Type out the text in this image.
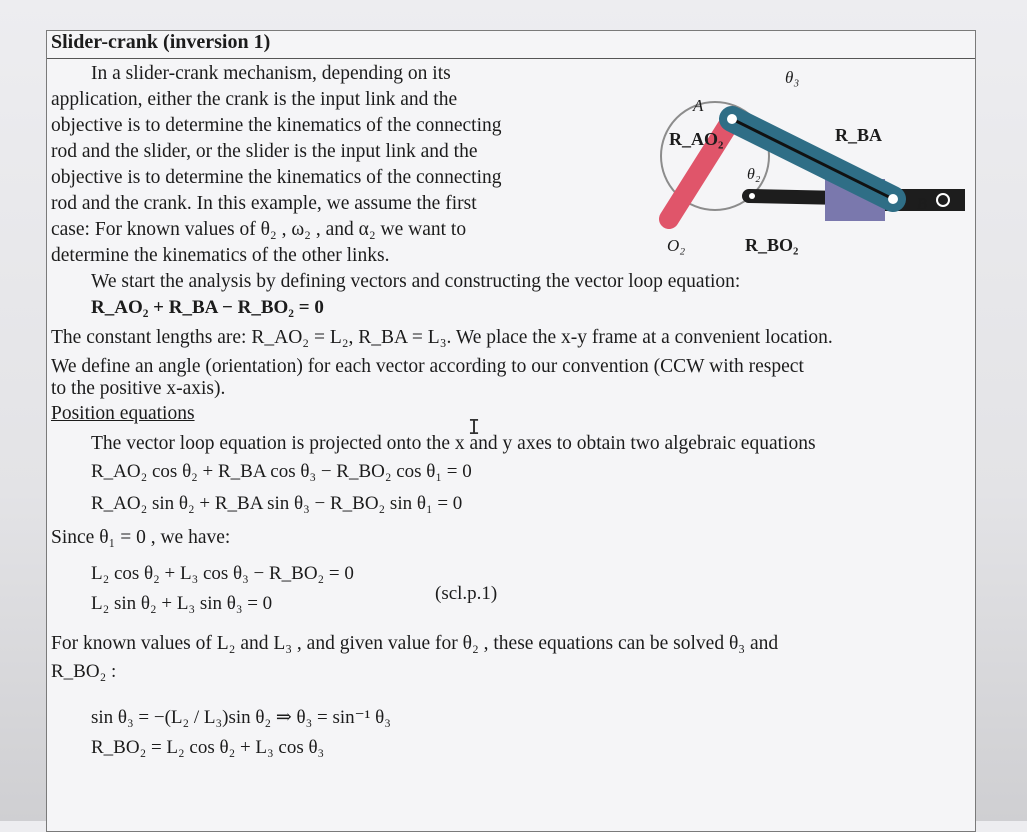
Slider-crank (inversion 1)
In a slider-crank mechanism, depending on its
application, either the crank is the input link and the
objective is to determine the kinematics of the connecting
rod and the slider, or the slider is the input link and the
objective is to determine the kinematics of the connecting
rod and the crank. In this example, we assume the first
case: For known values of θ₂ , ω₂ , and α₂ we want to
determine the kinematics of the other links.
We start the analysis by defining vectors and constructing the vector loop equation:
R_AO₂ + R_BA − R_BO₂ = 0
The constant lengths are: R_AO₂ = L₂, R_BA = L₃. We place the x-y frame at a convenient location.
We define an angle (orientation) for each vector according to our convention (CCW with respect
to the positive x-axis).
Position equations
The vector loop equation is projected onto the x and y axes to obtain two algebraic equations
R_AO₂ cos θ₂ + R_BA cos θ₃ − R_BO₂ cos θ₁ = 0
R_AO₂ sin θ₂ + R_BA sin θ₃ − R_BO₂ sin θ₁ = 0
Since θ₁ = 0 , we have:
L₂ cos θ₂ + L₃ cos θ₃ − R_BO₂ = 0
L₂ sin θ₂ + L₃ sin θ₃ = 0	(scl.p.1)
For known values of L₂ and L₃ , and given value for θ₂ , these equations can be solved θ₃ and
R_BO₂ :
sin θ₃ = −(L₂ / L₃)sin θ₂ ⇒ θ₃ = sin⁻¹ θ₃
R_BO₂ = L₂ cos θ₂ + L₃ cos θ₃
θ₃
A
R_AO₂	R_BA
θ₂
B
O₂	R_BO₂
I
